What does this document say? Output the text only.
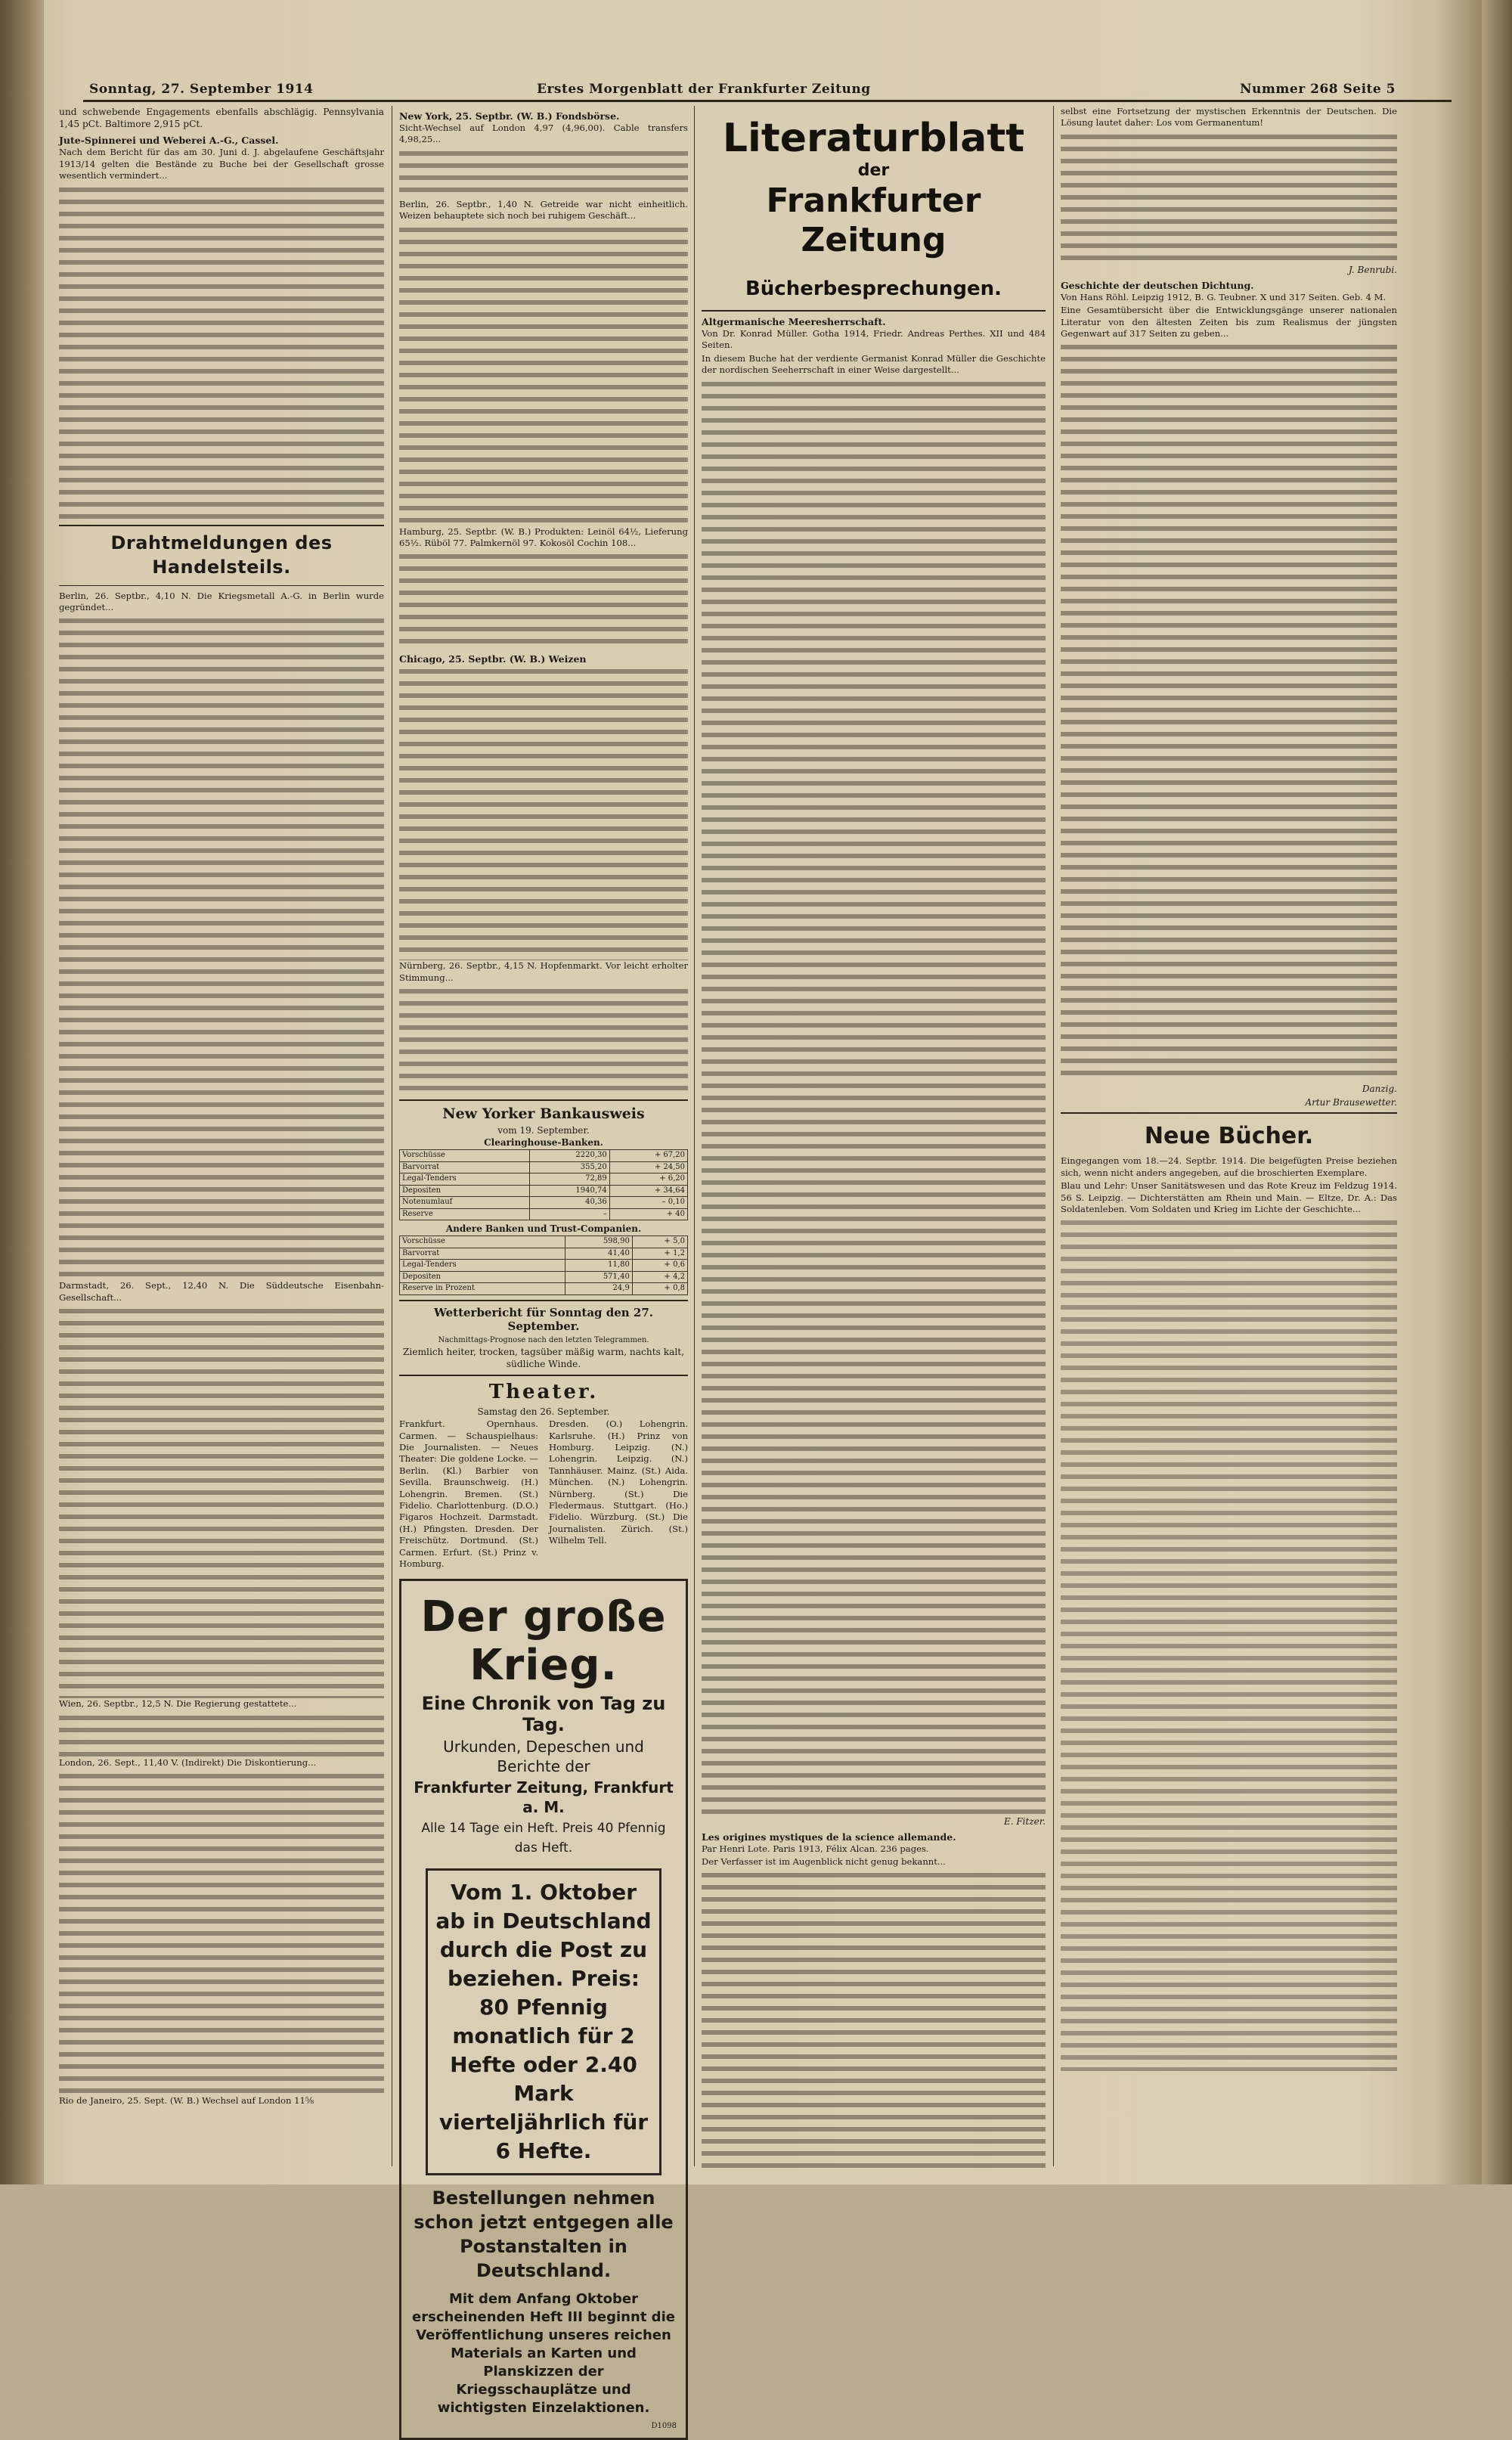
Sonntag, 27. September 1914	Erstes Morgenblatt der Frankfurter Zeitung	Nummer 268 Seite 5

und schwebende Engagements ebenfalls abschlägig. Pennsylvania 1,45 pCt. Baltimore 2,915 pCt.

Jute-Spinnerei und Weberei A.-G., Cassel.

Nach dem Bericht für das am 30. Juni d. J. abgelaufene Geschäftsjahr 1913/14 gelten die Bestände zu Buche bei der Gesellschaft grosse wesentlich vermindert...

Drahtmeldungen des Handelsteils.

Berlin, 26. Septbr., 4,10 N. Die Kriegsmetall A.-G. in Berlin wurde gegründet...

Darmstadt, 26. Sept., 12,40 N. Die Süddeutsche Eisenbahn-Gesellschaft...

Wien, 26. Septbr., 12,5 N. Die Regierung gestattete...

London, 26. Sept., 11,40 V. (Indirekt) Die Diskontierung...

Rio de Janeiro, 25. Sept. (W. B.) Wechsel auf London 11⅝

New York, 25. Septbr. (W. B.) Fondsbörse.

Sicht-Wechsel auf London 4,97 (4,96,00). Cable transfers 4,98,25...

Berlin, 26. Septbr., 1,40 N. Getreide war nicht einheitlich. Weizen behauptete sich noch bei ruhigem Geschäft...

Hamburg, 25. Septbr. (W. B.) Produkten: Leinöl 64½, Lieferung 65½. Rüböl 77. Palmkernöl 97. Kokosöl Cochin 108...

Chicago, 25. Septbr. (W. B.) Weizen

Nürnberg, 26. Septbr., 4,15 N. Hopfenmarkt. Vor leicht erholter Stimmung...

New Yorker Bankausweis
vom 19. September.
Clearinghouse-Banken.
Vorschüsse	2220,30	+ 67,20
Barvorrat	355,20	+ 24,50
Legal-Tenders	72,89	+ 6,20
Depositen	1940,74	+ 34,64
Notenumlauf	40,36	– 0,10
Reserve	–	+ 40
Andere Banken und Trust-Companien.
Vorschüsse	598,90	+ 5,0
Barvorrat	41,40	+ 1,2
Legal-Tenders	11,80	+ 0,6
Depositen	571,40	+ 4,2
Reserve in Prozent	24,9	+ 0,8
Wetterbericht für Sonntag den 27. September.
Nachmittags-Prognose nach den letzten Telegrammen.

Ziemlich heiter, trocken, tagsüber mäßig warm, nachts kalt, südliche Winde.

Theater.
Samstag den 26. September.

Frankfurt. Opernhaus. Carmen. — Schauspielhaus: Die Journalisten. — Neues Theater: Die goldene Locke. — Berlin. (Kl.) Barbier von Sevilla. Braunschweig. (H.) Lohengrin. Bremen. (St.) Fidelio. Charlottenburg. (D.O.) Figaros Hochzeit. Darmstadt. (H.) Pfingsten. Dresden. Der Freischütz. Dortmund. (St.) Carmen. Erfurt. (St.) Prinz v. Homburg.

Dresden. (O.) Lohengrin. Karlsruhe. (H.) Prinz von Homburg. Leipzig. (N.) Lohengrin. Leipzig. (N.) Tannhäuser. Mainz. (St.) Aida. München. (N.) Lohengrin. Nürnberg. (St.) Die Fledermaus. Stuttgart. (Ho.) Fidelio. Würzburg. (St.) Die Journalisten. Zürich. (St.) Wilhelm Tell.

Der große Krieg.
Eine Chronik von Tag zu Tag.
Urkunden, Depeschen und Berichte der
Frankfurter Zeitung, Frankfurt a. M.
Alle 14 Tage ein Heft. Preis 40 Pfennig das Heft.
Vom 1. Oktober ab in Deutschland durch die Post zu beziehen. Preis: 80 Pfennig monatlich für 2 Hefte oder 2.40 Mark vierteljährlich für 6 Hefte.
Bestellungen nehmen schon jetzt entgegen alle Postanstalten in Deutschland.
Mit dem Anfang Oktober erscheinenden Heft III beginnt die Veröffentlichung unseres reichen Materials an Karten und Planskizzen der Kriegsschauplätze und wichtigsten Einzelaktionen.
D1098
Literaturblatt
der
Frankfurter Zeitung
Bücherbesprechungen.

Altgermanische Meeresherrschaft.

Von Dr. Konrad Müller. Gotha 1914, Friedr. Andreas Perthes. XII und 484 Seiten.

In diesem Buche hat der verdiente Germanist Konrad Müller die Geschichte der nordischen Seeherrschaft in einer Weise dargestellt...

E. Fitzer.

Les origines mystiques de la science allemande.

Par Henri Lote. Paris 1913, Félix Alcan. 236 pages.

Der Verfasser ist im Augenblick nicht genug bekannt...

selbst eine Fortsetzung der mystischen Erkenntnis der Deutschen. Die Lösung lautet daher: Los vom Germanentum!

J. Benrubi.

Geschichte der deutschen Dichtung.

Von Hans Röhl. Leipzig 1912, B. G. Teubner. X und 317 Seiten. Geb. 4 M.

Eine Gesamtübersicht über die Entwicklungsgänge unserer nationalen Literatur von den ältesten Zeiten bis zum Realismus der jüngsten Gegenwart auf 317 Seiten zu geben...

Danzig.
Artur Brausewetter.
Neue Bücher.

Eingegangen vom 18.—24. Septbr. 1914. Die beigefügten Preise beziehen sich, wenn nicht anders angegeben, auf die broschierten Exemplare.

Blau und Lehr: Unser Sanitätswesen und das Rote Kreuz im Feldzug 1914. 56 S. Leipzig. — Dichterstätten am Rhein und Main. — Eltze, Dr. A.: Das Soldatenleben. Vom Soldaten und Krieg im Lichte der Geschichte...
